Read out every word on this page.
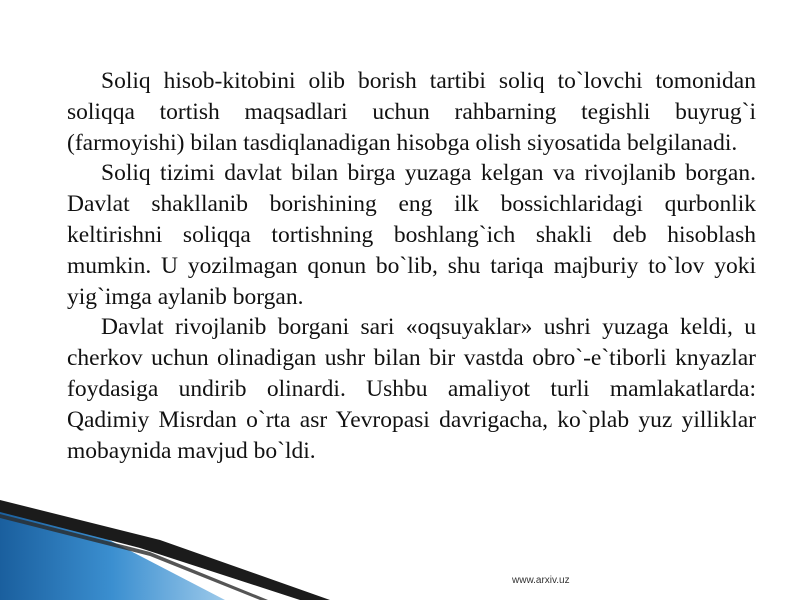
Soliq hisob-kitobini olib borish tartibi soliq to`lovchi tomonidan soliqqa tortish maqsadlari uchun rahbarning tegishli buyrug`i (farmoyishi) bilan tasdiqlanadigan hisobga olish siyosatida belgilanadi.

Soliq tizimi davlat bilan birga yuzaga kelgan va rivojlanib borgan. Davlat shakllanib borishining eng ilk bossichlaridagi qurbonlik keltirishni soliqqa tortishning boshlang`ich shakli deb hisoblash mumkin. U yozilmagan qonun bo`lib, shu tariqa majburiy to`lov yoki yig`imga aylanib borgan.

Davlat rivojlanib borgani sari «oqsuyaklar» ushri yuzaga keldi, u cherkov uchun olinadigan ushr bilan bir vastda obro`-e`tiborli knyazlar foydasiga undirib olinardi. Ushbu amaliyot turli mamlakatlarda: Qadimiy Misrdan o`rta asr Yevropasi davrigacha, ko`plab yuz yilliklar mobaynida mavjud bo`ldi.

www.arxiv.uz
